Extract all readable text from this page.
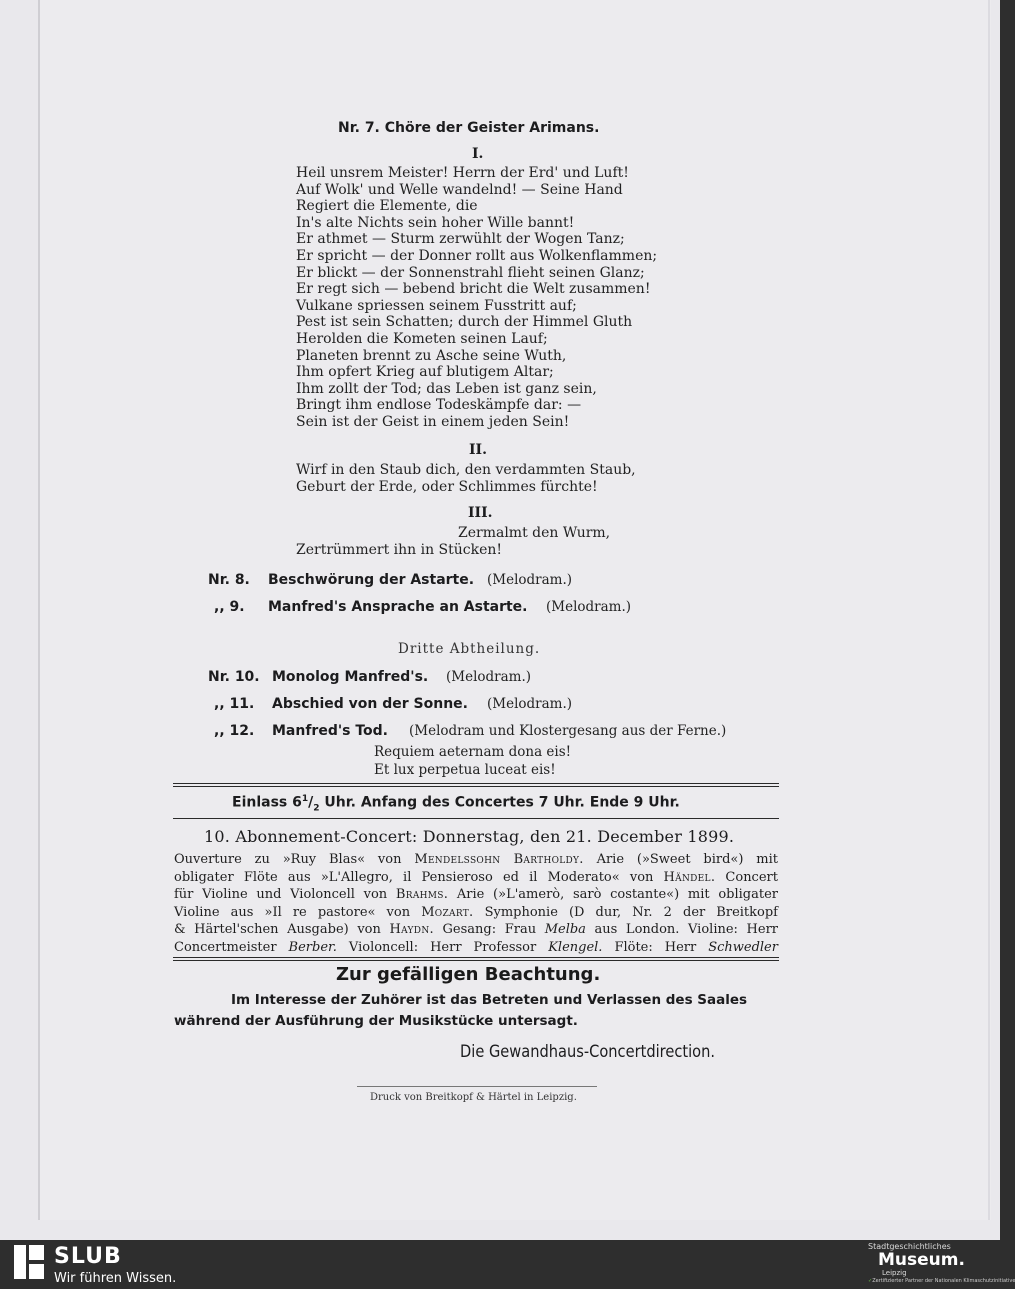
Nr. 7. Chöre der Geister Arimans.
I.
Heil unsrem Meister! Herrn der Erd' und Luft!
Auf Wolk' und Welle wandelnd! — Seine Hand
Regiert die Elemente, die
In's alte Nichts sein hoher Wille bannt!
Er athmet — Sturm zerwühlt der Wogen Tanz;
Er spricht — der Donner rollt aus Wolkenflammen;
Er blickt — der Sonnenstrahl flieht seinen Glanz;
Er regt sich — bebend bricht die Welt zusammen!
Vulkane spriessen seinem Fusstritt auf;
Pest ist sein Schatten; durch der Himmel Gluth
Herolden die Kometen seinen Lauf;
Planeten brennt zu Asche seine Wuth,
Ihm opfert Krieg auf blutigem Altar;
Ihm zollt der Tod; das Leben ist ganz sein,
Bringt ihm endlose Todeskämpfe dar: —
Sein ist der Geist in einem jeden Sein!
II.
Wirf in den Staub dich, den verdammten Staub,
Geburt der Erde, oder Schlimmes fürchte!
III.
Zermalmt den Wurm,
Zertrümmert ihn in Stücken!
Nr. 8. Beschwörung der Astarte. (Melodram.)
,, 9. Manfred's Ansprache an Astarte. (Melodram.)
Dritte Abtheilung.
Nr. 10. Monolog Manfred's. (Melodram.)
,, 11. Abschied von der Sonne. (Melodram.)
,, 12. Manfred's Tod. (Melodram und Klostergesang aus der Ferne.)
Requiem aeternam dona eis!
Et lux perpetua luceat eis!
Einlass $6^1/_2$ Uhr. Anfang des Concertes 7 Uhr. Ende 9 Uhr.
10. Abonnement-Concert: Donnerstag, den 21. December 1899.
Ouverture zu »Ruy Blas« von Mendelssohn Bartholdy. Arie (»Sweet bird«) mit
obligater Flöte aus »L'Allegro, il Pensieroso ed il Moderato« von Händel. Concert
für Violine und Violoncell von Brahms. Arie (»L'amerò, sarò costante«) mit obligater
Violine aus »Il re pastore« von Mozart. Symphonie (D dur, Nr. 2 der Breitkopf
& Härtel'schen Ausgabe) von Haydn. Gesang: Frau Melba aus London. Violine: Herr
Concertmeister Berber. Violoncell: Herr Professor Klengel. Flöte: Herr Schwedler
Zur gefälligen Beachtung.
Im Interesse der Zuhörer ist das Betreten und Verlassen des Saales
während der Ausführung der Musikstücke untersagt.
Die Gewandhaus-Concertdirection.
Druck von Breitkopf & Härtel in Leipzig.
SLUB
Wir führen Wissen.
Stadtgeschichtliches
Museum.
Leipzig
✓Zertifizierter Partner der Nationalen Klimaschutzinitiative
